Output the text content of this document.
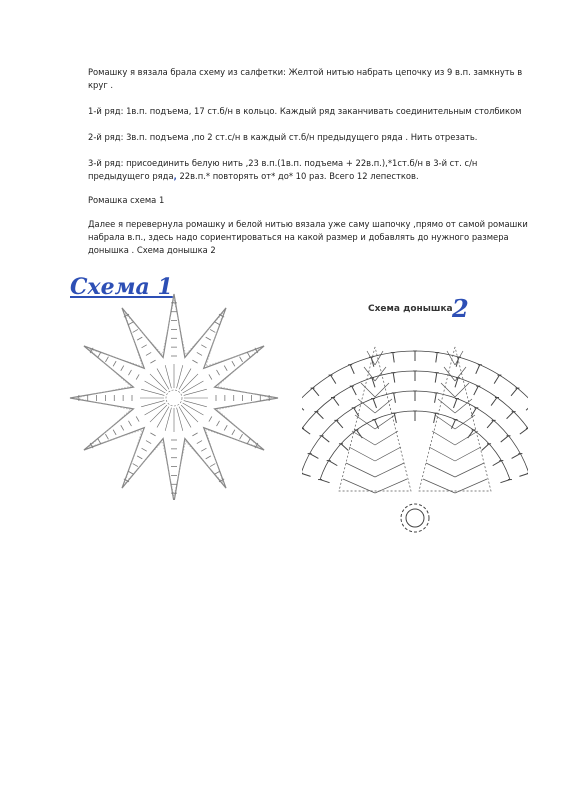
Ромашку я вязала брала схему из салфетки: Желтой нитью набрать цепочку из 9 в.п. замкнуть в круг .

1-й ряд: 1в.п. подъема, 17 ст.б/н в кольцо. Каждый ряд заканчивать соединительным столбиком

2-й ряд: 3в.п. подъема ,по 2 ст.с/н в каждый ст.б/н предыдущего ряда . Нить отрезать.

3-й ряд: присоединить белую нить ,23 в.п.(1в.п. подъема + 22в.п.),*1ст.б/н в 3-й ст. с/н предыдущего ряда, 22в.п.* повторять от* до* 10 раз. Всего 12 лепестков.

Ромашка схема 1

Далее я перевернула ромашку и белой нитью вязала уже саму шапочку ,прямо от самой ромашки набрала в.п., здесь надо сориентироваться на какой размер и добавлять до нужного размера донышка . Схема донышка 2

Схема 1
Схема донышка 2
